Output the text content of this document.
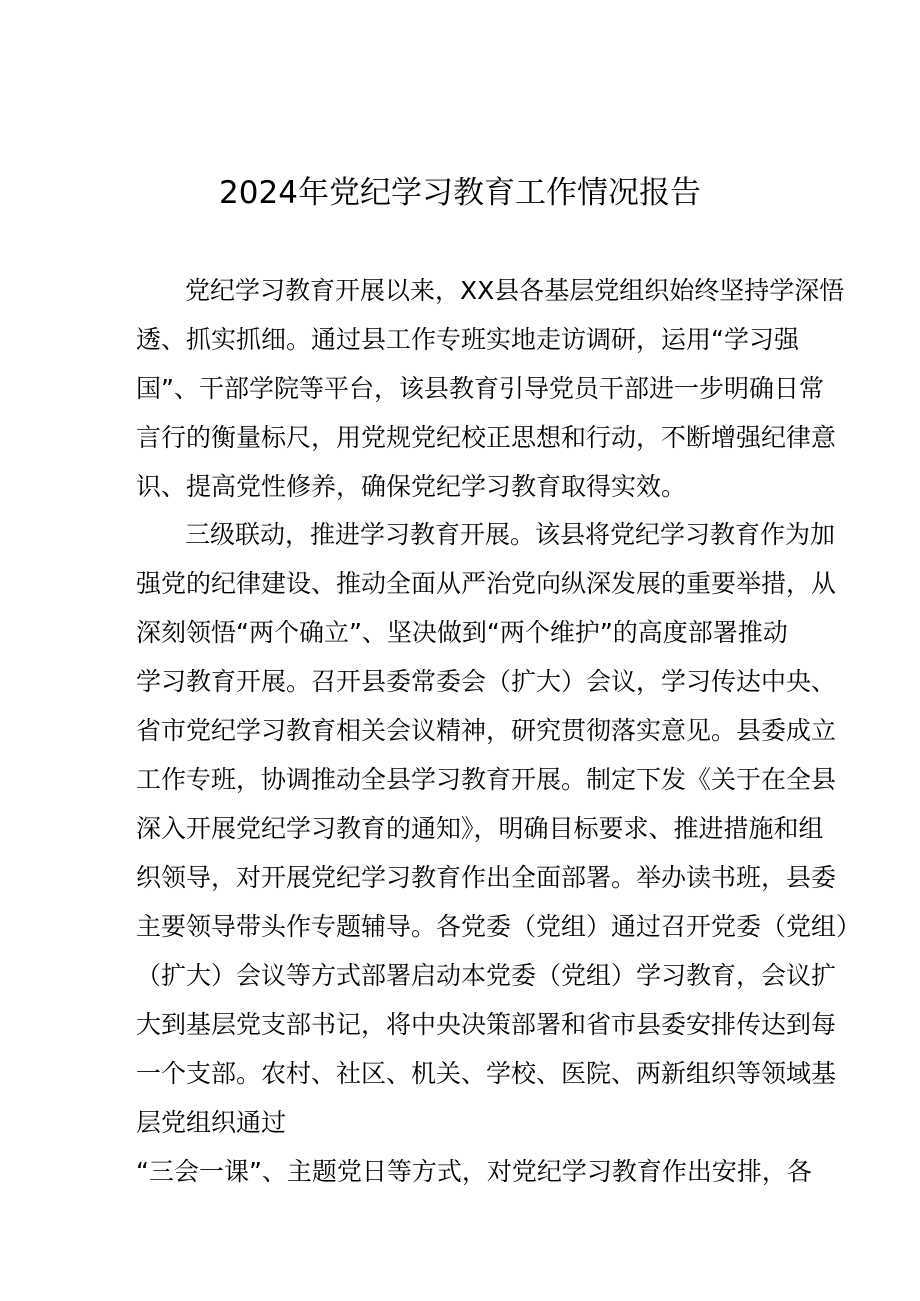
2024年党纪学习教育工作情况报告
党纪学习教育开展以来，XX县各基层党组织始终坚持学深悟
透、抓实抓细。通过县工作专班实地走访调研，运用“学习强
国”、干部学院等平台，该县教育引导党员干部进一步明确日常
言行的衡量标尺，用党规党纪校正思想和行动，不断增强纪律意
识、提高党性修养，确保党纪学习教育取得实效。
三级联动，推进学习教育开展。该县将党纪学习教育作为加
强党的纪律建设、推动全面从严治党向纵深发展的重要举措，从
深刻领悟“两个确立”、坚决做到“两个维护”的高度部署推动
学习教育开展。召开县委常委会（扩大）会议，学习传达中央、
省市党纪学习教育相关会议精神，研究贯彻落实意见。县委成立
工作专班，协调推动全县学习教育开展。制定下发《关于在全县
深入开展党纪学习教育的通知》，明确目标要求、推进措施和组
织领导，对开展党纪学习教育作出全面部署。举办读书班，县委
主要领导带头作专题辅导。各党委（党组）通过召开党委（党组）
（扩大）会议等方式部署启动本党委（党组）学习教育，会议扩
大到基层党支部书记，将中央决策部署和省市县委安排传达到每
一个支部。农村、社区、机关、学校、医院、两新组织等领域基
层党组织通过
“三会一课”、主题党日等方式，对党纪学习教育作出安排，各
